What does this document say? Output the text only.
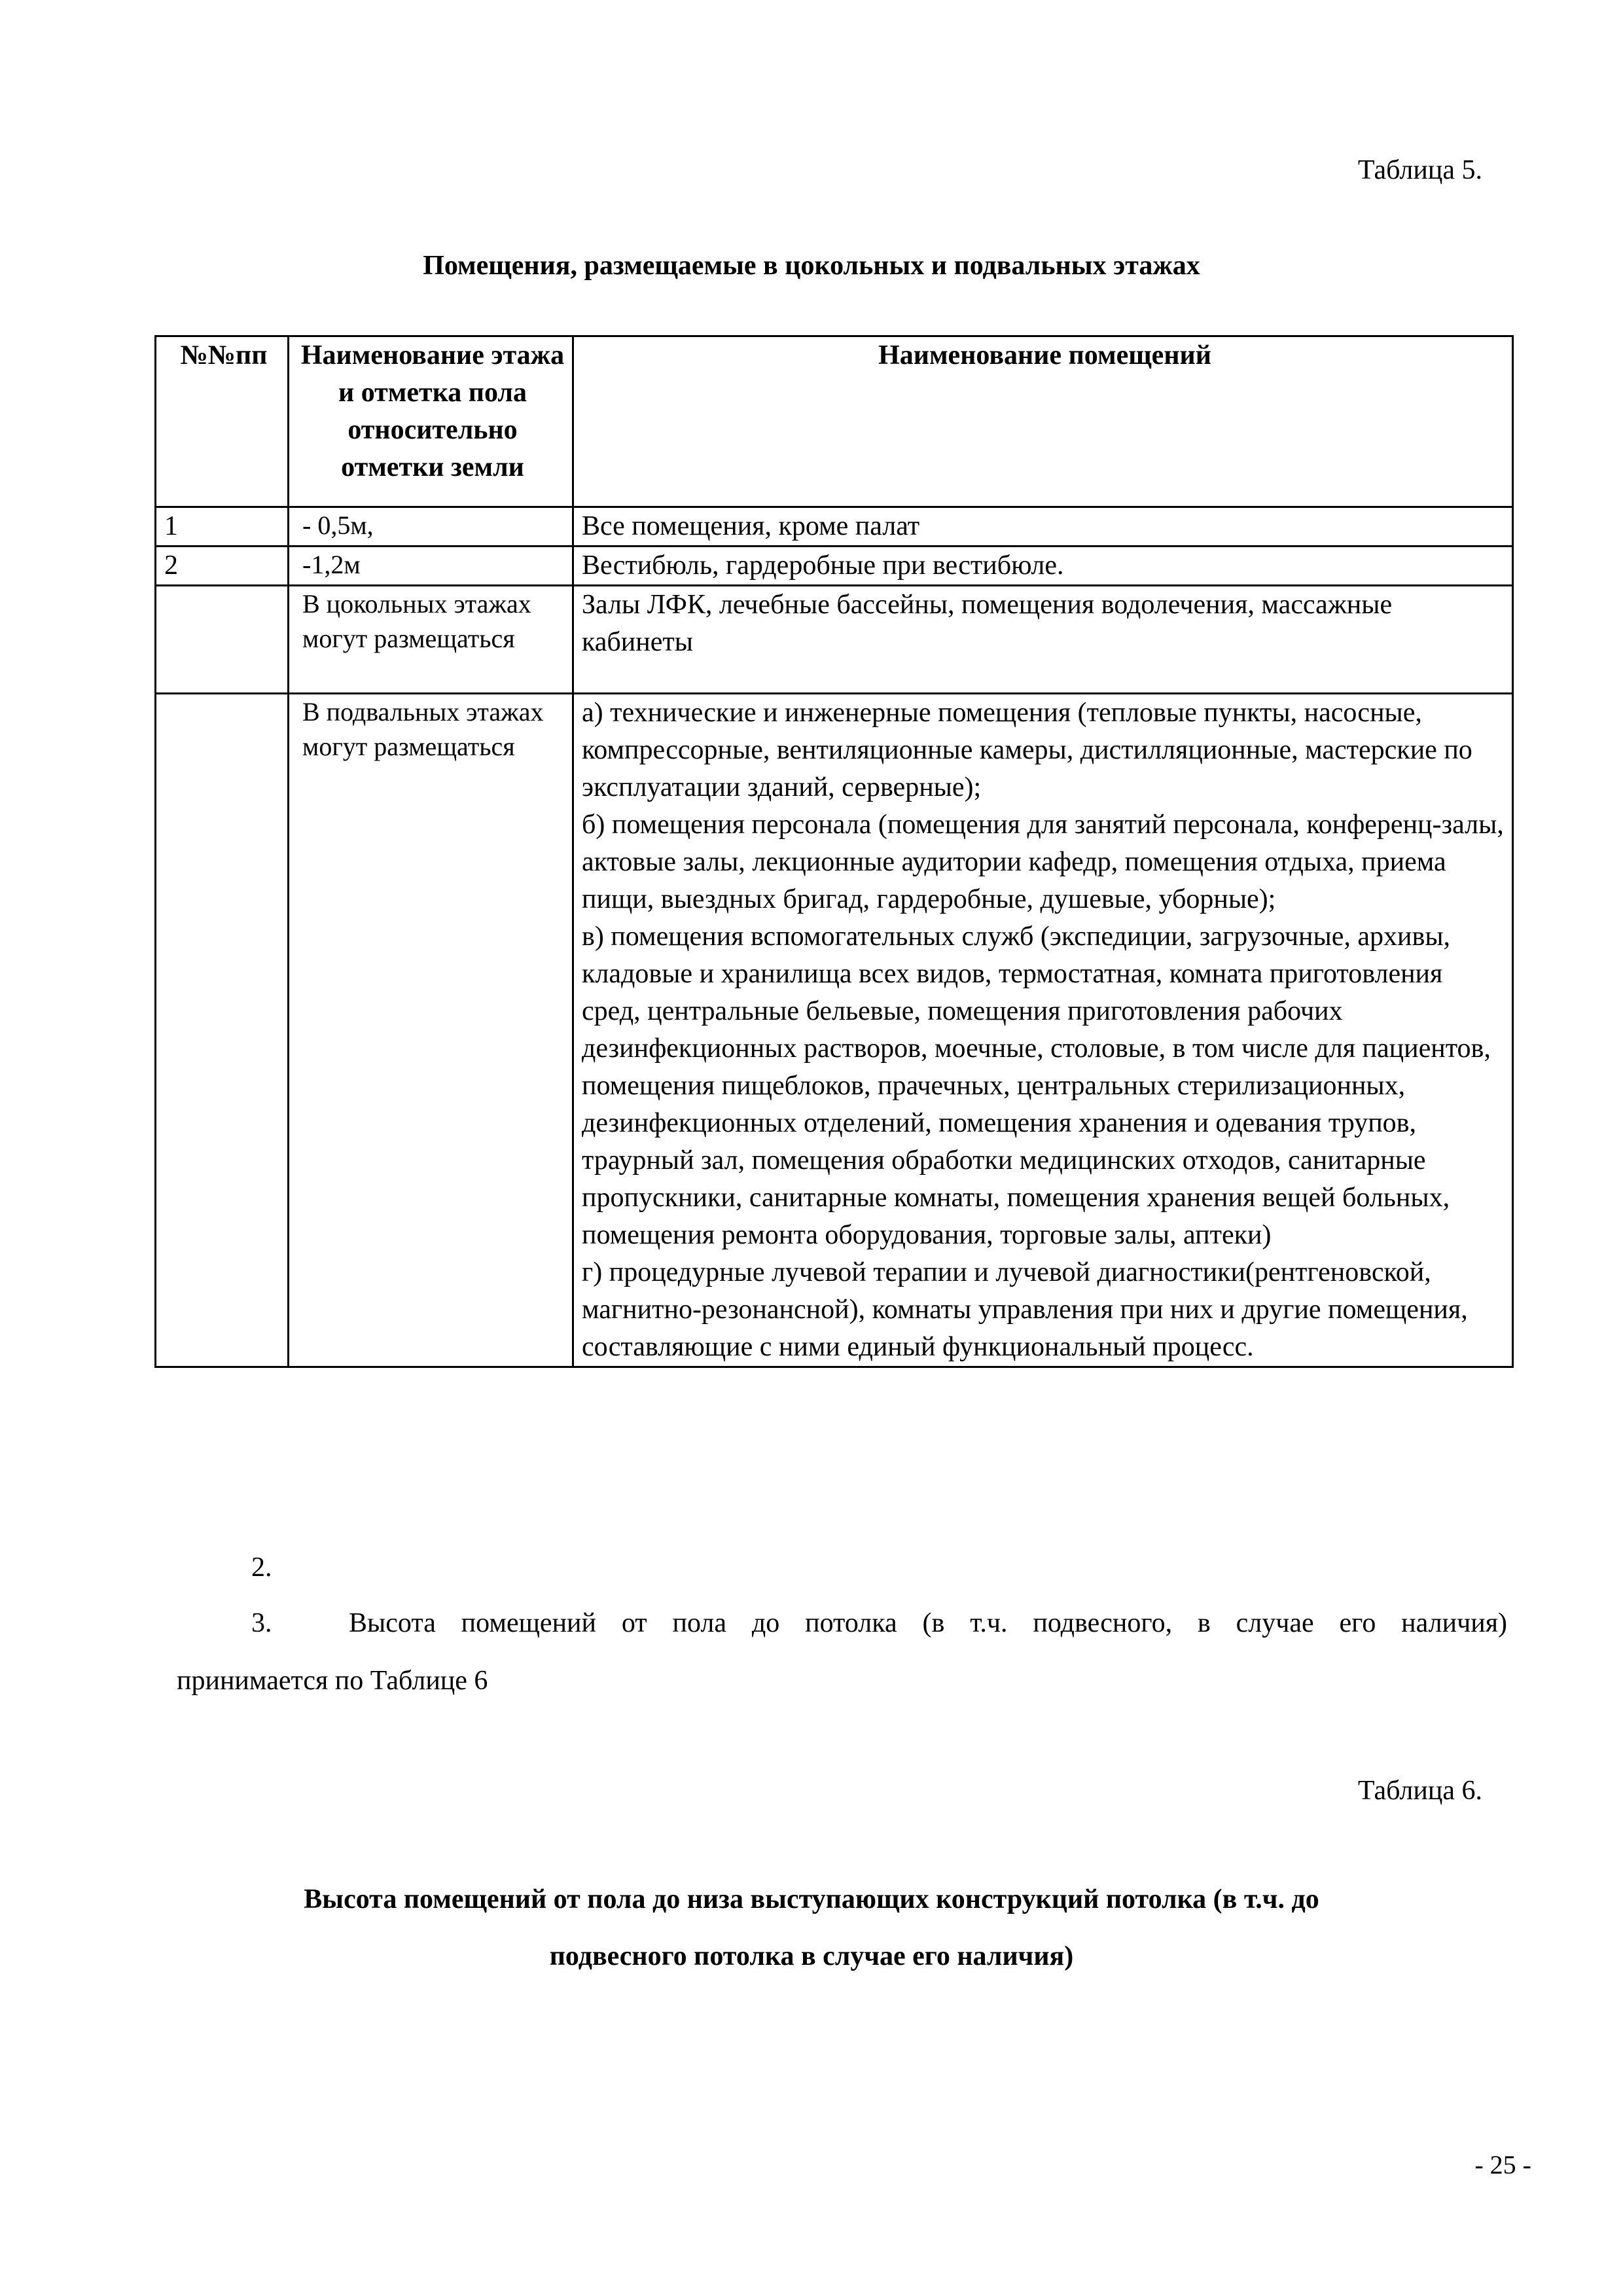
Таблица 5.
Помещения, размещаемые в цокольных и подвальных этажах
№№пп	Наименование этажа и отметка пола относительно отметки земли	Наименование помещений
1	- 0,5м,	Все помещения, кроме палат
2	-1,2м	Вестибюль, гардеробные при вестибюле.
	В цокольных этажах могут размещаться	Залы ЛФК, лечебные бассейны, помещения водолечения, массажные кабинеты
	В подвальных этажах могут размещаться	а) технические и инженерные помещения (тепловые пункты, насосные, компрессорные, вентиляционные камеры, дистилляционные, мастерские по эксплуатации зданий, серверные);
б) помещения персонала (помещения для занятий персонала, конференц-залы, актовые залы, лекционные аудитории кафедр, помещения отдыха, приема пищи, выездных бригад, гардеробные, душевые, уборные);
в) помещения вспомогательных служб (экспедиции, загрузочные, архивы, кладовые и хранилища всех видов, термостатная, комната приготовления сред, центральные бельевые, помещения приготовления рабочих дезинфекционных растворов, моечные, столовые, в том числе для пациентов, помещения пищеблоков, прачечных, центральных стерилизационных, дезинфекционных отделений, помещения хранения и одевания трупов, траурный зал, помещения обработки медицинских отходов, санитарные пропускники, санитарные комнаты, помещения хранения вещей больных, помещения ремонта оборудования, торговые залы, аптеки)
г) процедурные лучевой терапии и лучевой диагностики(рентгеновской, магнитно-резонансной), комнаты управления при них и другие помещения, составляющие с ними единый функциональный процесс.
2.
3.	Высота помещений от пола до потолка (в т.ч. подвесного, в случае его наличия)
принимается по Таблице 6
Таблица 6.
Высота помещений от пола до низа выступающих конструкций потолка (в т.ч. до
подвесного потолка в случае его наличия)
- 25 -
